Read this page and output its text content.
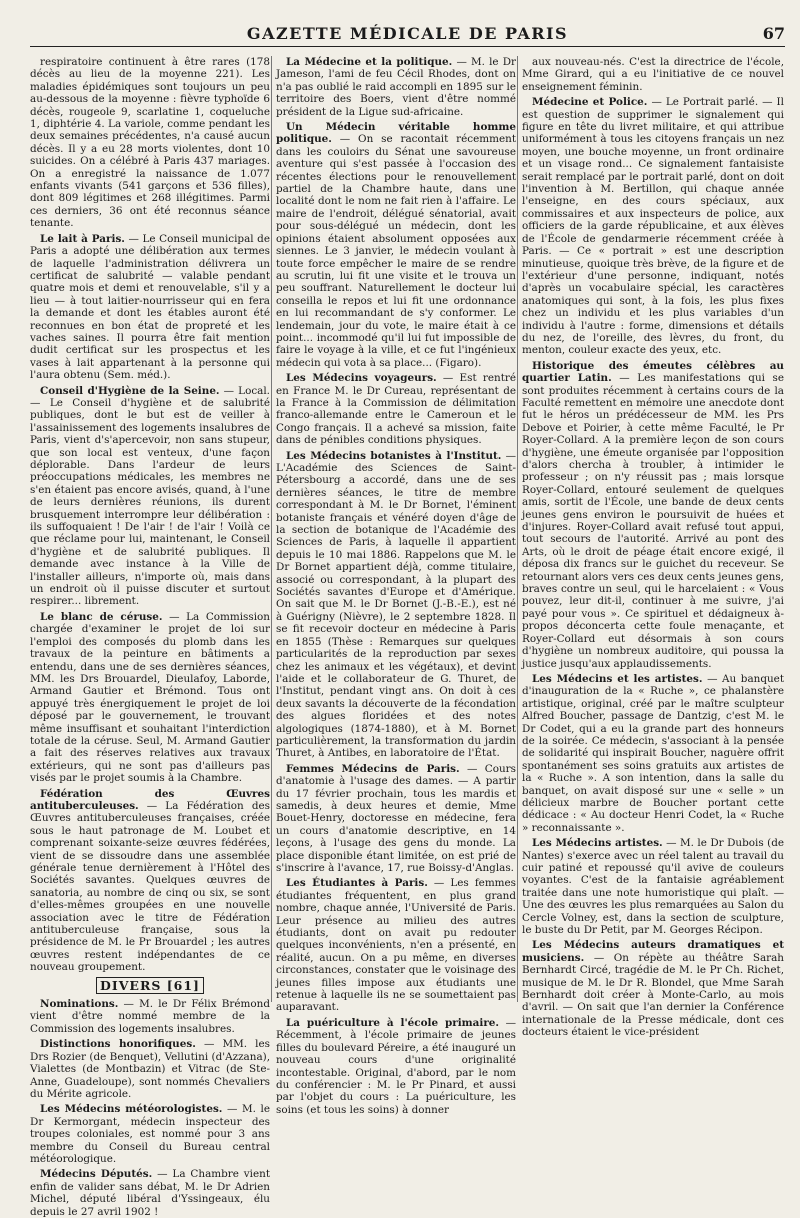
GAZETTE MÉDICALE DE PARIS	67

respiratoire continuent à être rares (178 décès au lieu de la moyenne 221). Les maladies épidémiques sont toujours un peu au-dessous de la moyenne : fièvre typhoïde 6 décès, rougeole 9, scarlatine 1, coqueluche 1, diphtérie 4. La variole, comme pendant les deux semaines précédentes, n'a causé aucun décès. Il y a eu 28 morts violentes, dont 10 suicides. On a célébré à Paris 437 mariages. On a enregistré la naissance de 1.077 enfants vivants (541 garçons et 536 filles), dont 809 légitimes et 268 illégitimes. Parmi ces derniers, 36 ont été reconnus séance tenante.

Le lait à Paris. — Le Conseil municipal de Paris a adopté une délibération aux termes de laquelle l'administration délivrera un certificat de salubrité — valable pendant quatre mois et demi et renouvelable, s'il y a lieu — à tout laitier-nourrisseur qui en fera la demande et dont les étables auront été reconnues en bon état de propreté et les vaches saines. Il pourra être fait mention dudit certificat sur les prospectus et les vases à lait appartenant à la personne qui l'aura obtenu (Sem. méd.).

Conseil d'Hygiène de la Seine. — Local. — Le Conseil d'hygiène et de salubrité publiques, dont le but est de veiller à l'assainissement des logements insalubres de Paris, vient d's'apercevoir, non sans stupeur, que son local est venteux, d'une façon déplorable. Dans l'ardeur de leurs préoccupations médicales, les membres ne s'en étaient pas encore avisés, quand, à l'une de leurs dernières réunions, ils durent brusquement interrompre leur délibération : ils suffoquaient ! De l'air ! de l'air ! Voilà ce que réclame pour lui, maintenant, le Conseil d'hygiène et de salubrité publiques. Il demande avec instance à la Ville de l'installer ailleurs, n'importe où, mais dans un endroit où il puisse discuter et surtout respirer... librement.

Le blanc de céruse. — La Commission chargée d'examiner le projet de loi sur l'emploi des composés du plomb dans les travaux de la peinture en bâtiments a entendu, dans une de ses dernières séances, MM. les Drs Brouardel, Dieulafoy, Laborde, Armand Gautier et Brémond. Tous ont appuyé très énergiquement le projet de loi déposé par le gouvernement, le trouvant même insuffisant et souhaitant l'interdiction totale de la céruse. Seul, M. Armand Gautier a fait des réserves relatives aux travaux extérieurs, qui ne sont pas d'ailleurs pas visés par le projet soumis à la Chambre.

Fédération des Œuvres antituberculeuses. — La Fédération des Œuvres antituberculeuses françaises, créée sous le haut patronage de M. Loubet et comprenant soixante-seize œuvres fédérées, vient de se dissoudre dans une assemblée générale tenue dernièrement à l'Hôtel des Sociétés savantes. Quelques œuvres de sanatoria, au nombre de cinq ou six, se sont d'elles-mêmes groupées en une nouvelle association avec le titre de Fédération antituberculeuse française, sous la présidence de M. le Pr Brouardel ; les autres œuvres restent indépendantes de ce nouveau groupement.

DIVERS [61]

Nominations. — M. le Dr Félix Brémond vient d'être nommé membre de la Commission des logements insalubres.

Distinctions honorifiques. — MM. les Drs Rozier (de Benquet), Vellutini (d'Azzana), Vialettes (de Montbazin) et Vitrac (de Ste-Anne, Guadeloupe), sont nommés Chevaliers du Mérite agricole.

Les Médecins météorologistes. — M. le Dr Kermorgant, médecin inspecteur des troupes coloniales, est nommé pour 3 ans membre du Conseil du Bureau central météorologique.

Médecins Députés. — La Chambre vient enfin de valider sans débat, M. le Dr Adrien Michel, député libéral d'Yssingeaux, élu depuis le 27 avril 1902 !

La Médecine et la politique. — M. le Dr Jameson, l'ami de feu Cécil Rhodes, dont on n'a pas oublié le raid accompli en 1895 sur le territoire des Boers, vient d'être nommé président de la Ligue sud-africaine.

Un Médecin véritable homme politique. — On se racontait récemment dans les couloirs du Sénat une savoureuse aventure qui s'est passée à l'occasion des récentes élections pour le renouvellement partiel de la Chambre haute, dans une localité dont le nom ne fait rien à l'affaire. Le maire de l'endroit, délégué sénatorial, avait pour sous-délégué un médecin, dont les opinions étaient absolument opposées aux siennes. Le 3 janvier, le médecin voulant à toute force empêcher le maire de se rendre au scrutin, lui fit une visite et le trouva un peu souffrant. Naturellement le docteur lui conseilla le repos et lui fit une ordonnance en lui recommandant de s'y conformer. Le lendemain, jour du vote, le maire était à ce point... incommodé qu'il lui fut impossible de faire le voyage à la ville, et ce fut l'ingénieux médecin qui vota à sa place... (Figaro).

Les Médecins voyageurs. — Est rentré en France M. le Dr Cureau, représentant de la France à la Commission de délimitation franco-allemande entre le Cameroun et le Congo français. Il a achevé sa mission, faite dans de pénibles conditions physiques.

Les Médecins botanistes à l'Institut. — L'Académie des Sciences de Saint-Pétersbourg a accordé, dans une de ses dernières séances, le titre de membre correspondant à M. le Dr Bornet, l'éminent botaniste français et vénéré doyen d'âge de la section de botanique de l'Académie des Sciences de Paris, à laquelle il appartient depuis le 10 mai 1886. Rappelons que M. le Dr Bornet appartient déjà, comme titulaire, associé ou correspondant, à la plupart des Sociétés savantes d'Europe et d'Amérique. On sait que M. le Dr Bornet (J.-B.-E.), est né à Guérigny (Nièvre), le 2 septembre 1828. Il se fit recevoir docteur en médecine à Paris en 1855 (Thèse : Remarques sur quelques particularités de la reproduction par sexes chez les animaux et les végétaux), et devint l'aide et le collaborateur de G. Thuret, de l'Institut, pendant vingt ans. On doit à ces deux savants la découverte de la fécondation des algues floridées et des notes algologiques (1874-1880), et à M. Bornet particulièrement, la transformation du jardin Thuret, à Antibes, en laboratoire de l'État.

Femmes Médecins de Paris. — Cours d'anatomie à l'usage des dames. — A partir du 17 février prochain, tous les mardis et samedis, à deux heures et demie, Mme Bouet-Henry, doctoresse en médecine, fera un cours d'anatomie descriptive, en 14 leçons, à l'usage des gens du monde. La place disponible étant limitée, on est prié de s'inscrire à l'avance, 17, rue Boissy-d'Anglas.

Les Étudiantes à Paris. — Les femmes étudiantes fréquentent, en plus grand nombre, chaque année, l'Université de Paris. Leur présence au milieu des autres étudiants, dont on avait pu redouter quelques inconvénients, n'en a présenté, en réalité, aucun. On a pu même, en diverses circonstances, constater que le voisinage des jeunes filles impose aux étudiants une retenue à laquelle ils ne se soumettaient pas auparavant.

La puériculture à l'école primaire. — Récemment, à l'école primaire de jeunes filles du boulevard Péreire, a été inauguré un nouveau cours d'une originalité incontestable. Original, d'abord, par le nom du conférencier : M. le Pr Pinard, et aussi par l'objet du cours : La puériculture, les soins (et tous les soins) à donner

aux nouveau-nés. C'est la directrice de l'école, Mme Girard, qui a eu l'initiative de ce nouvel enseignement féminin.

Médecine et Police. — Le Portrait parlé. — Il est question de supprimer le signalement qui figure en tête du livret militaire, et qui attribue uniformément à tous les citoyens français un nez moyen, une bouche moyenne, un front ordinaire et un visage rond... Ce signalement fantaisiste serait remplacé par le portrait parlé, dont on doit l'invention à M. Bertillon, qui chaque année l'enseigne, en des cours spéciaux, aux commissaires et aux inspecteurs de police, aux officiers de la garde républicaine, et aux élèves de l'École de gendarmerie récemment créée à Paris. — Ce « portrait » est une description minutieuse, quoique très brève, de la figure et de l'extérieur d'une personne, indiquant, notés d'après un vocabulaire spécial, les caractères anatomiques qui sont, à la fois, les plus fixes chez un individu et les plus variables d'un individu à l'autre : forme, dimensions et détails du nez, de l'oreille, des lèvres, du front, du menton, couleur exacte des yeux, etc.

Historique des émeutes célèbres au quartier Latin. — Les manifestations qui se sont produites récemment à certains cours de la Faculté remettent en mémoire une anecdote dont fut le héros un prédécesseur de MM. les Prs Debove et Poirier, à cette même Faculté, le Pr Royer-Collard. A la première leçon de son cours d'hygiène, une émeute organisée par l'opposition d'alors chercha à troubler, à intimider le professeur ; on n'y réussit pas ; mais lorsque Royer-Collard, entouré seulement de quelques amis, sortit de l'École, une bande de deux cents jeunes gens environ le poursuivit de huées et d'injures. Royer-Collard avait refusé tout appui, tout secours de l'autorité. Arrivé au pont des Arts, où le droit de péage était encore exigé, il déposa dix francs sur le guichet du receveur. Se retournant alors vers ces deux cents jeunes gens, braves contre un seul, qui le harcelaient : « Vous pouvez, leur dit-il, continuer à me suivre, j'ai payé pour vous ». Ce spirituel et dédaigneux à-propos déconcerta cette foule menaçante, et Royer-Collard eut désormais à son cours d'hygiène un nombreux auditoire, qui poussa la justice jusqu'aux applaudissements.

Les Médecins et les artistes. — Au banquet d'inauguration de la « Ruche », ce phalanstère artistique, original, créé par le maître sculpteur Alfred Boucher, passage de Dantzig, c'est M. le Dr Codet, qui a eu la grande part des honneurs de la soirée. Ce médecin, s'associant à la pensée de solidarité qui inspirait Boucher, naguère offrit spontanément ses soins gratuits aux artistes de la « Ruche ». A son intention, dans la salle du banquet, on avait disposé sur une « selle » un délicieux marbre de Boucher portant cette dédicace : « Au docteur Henri Codet, la « Ruche » reconnaissante ».

Les Médecins artistes. — M. le Dr Dubois (de Nantes) s'exerce avec un réel talent au travail du cuir patiné et repoussé qu'il avive de couleurs voyantes. C'est de la fantaisie agréablement traitée dans une note humoristique qui plaît. — Une des œuvres les plus remarquées au Salon du Cercle Volney, est, dans la section de sculpture, le buste du Dr Petit, par M. Georges Récipon.

Les Médecins auteurs dramatiques et musiciens. — On répète au théâtre Sarah Bernhardt Circé, tragédie de M. le Pr Ch. Richet, musique de M. le Dr R. Blondel, que Mme Sarah Bernhardt doit créer à Monte-Carlo, au mois d'avril. — On sait que l'an dernier la Conférence internationale de la Presse médicale, dont ces docteurs étaient le vice-président
